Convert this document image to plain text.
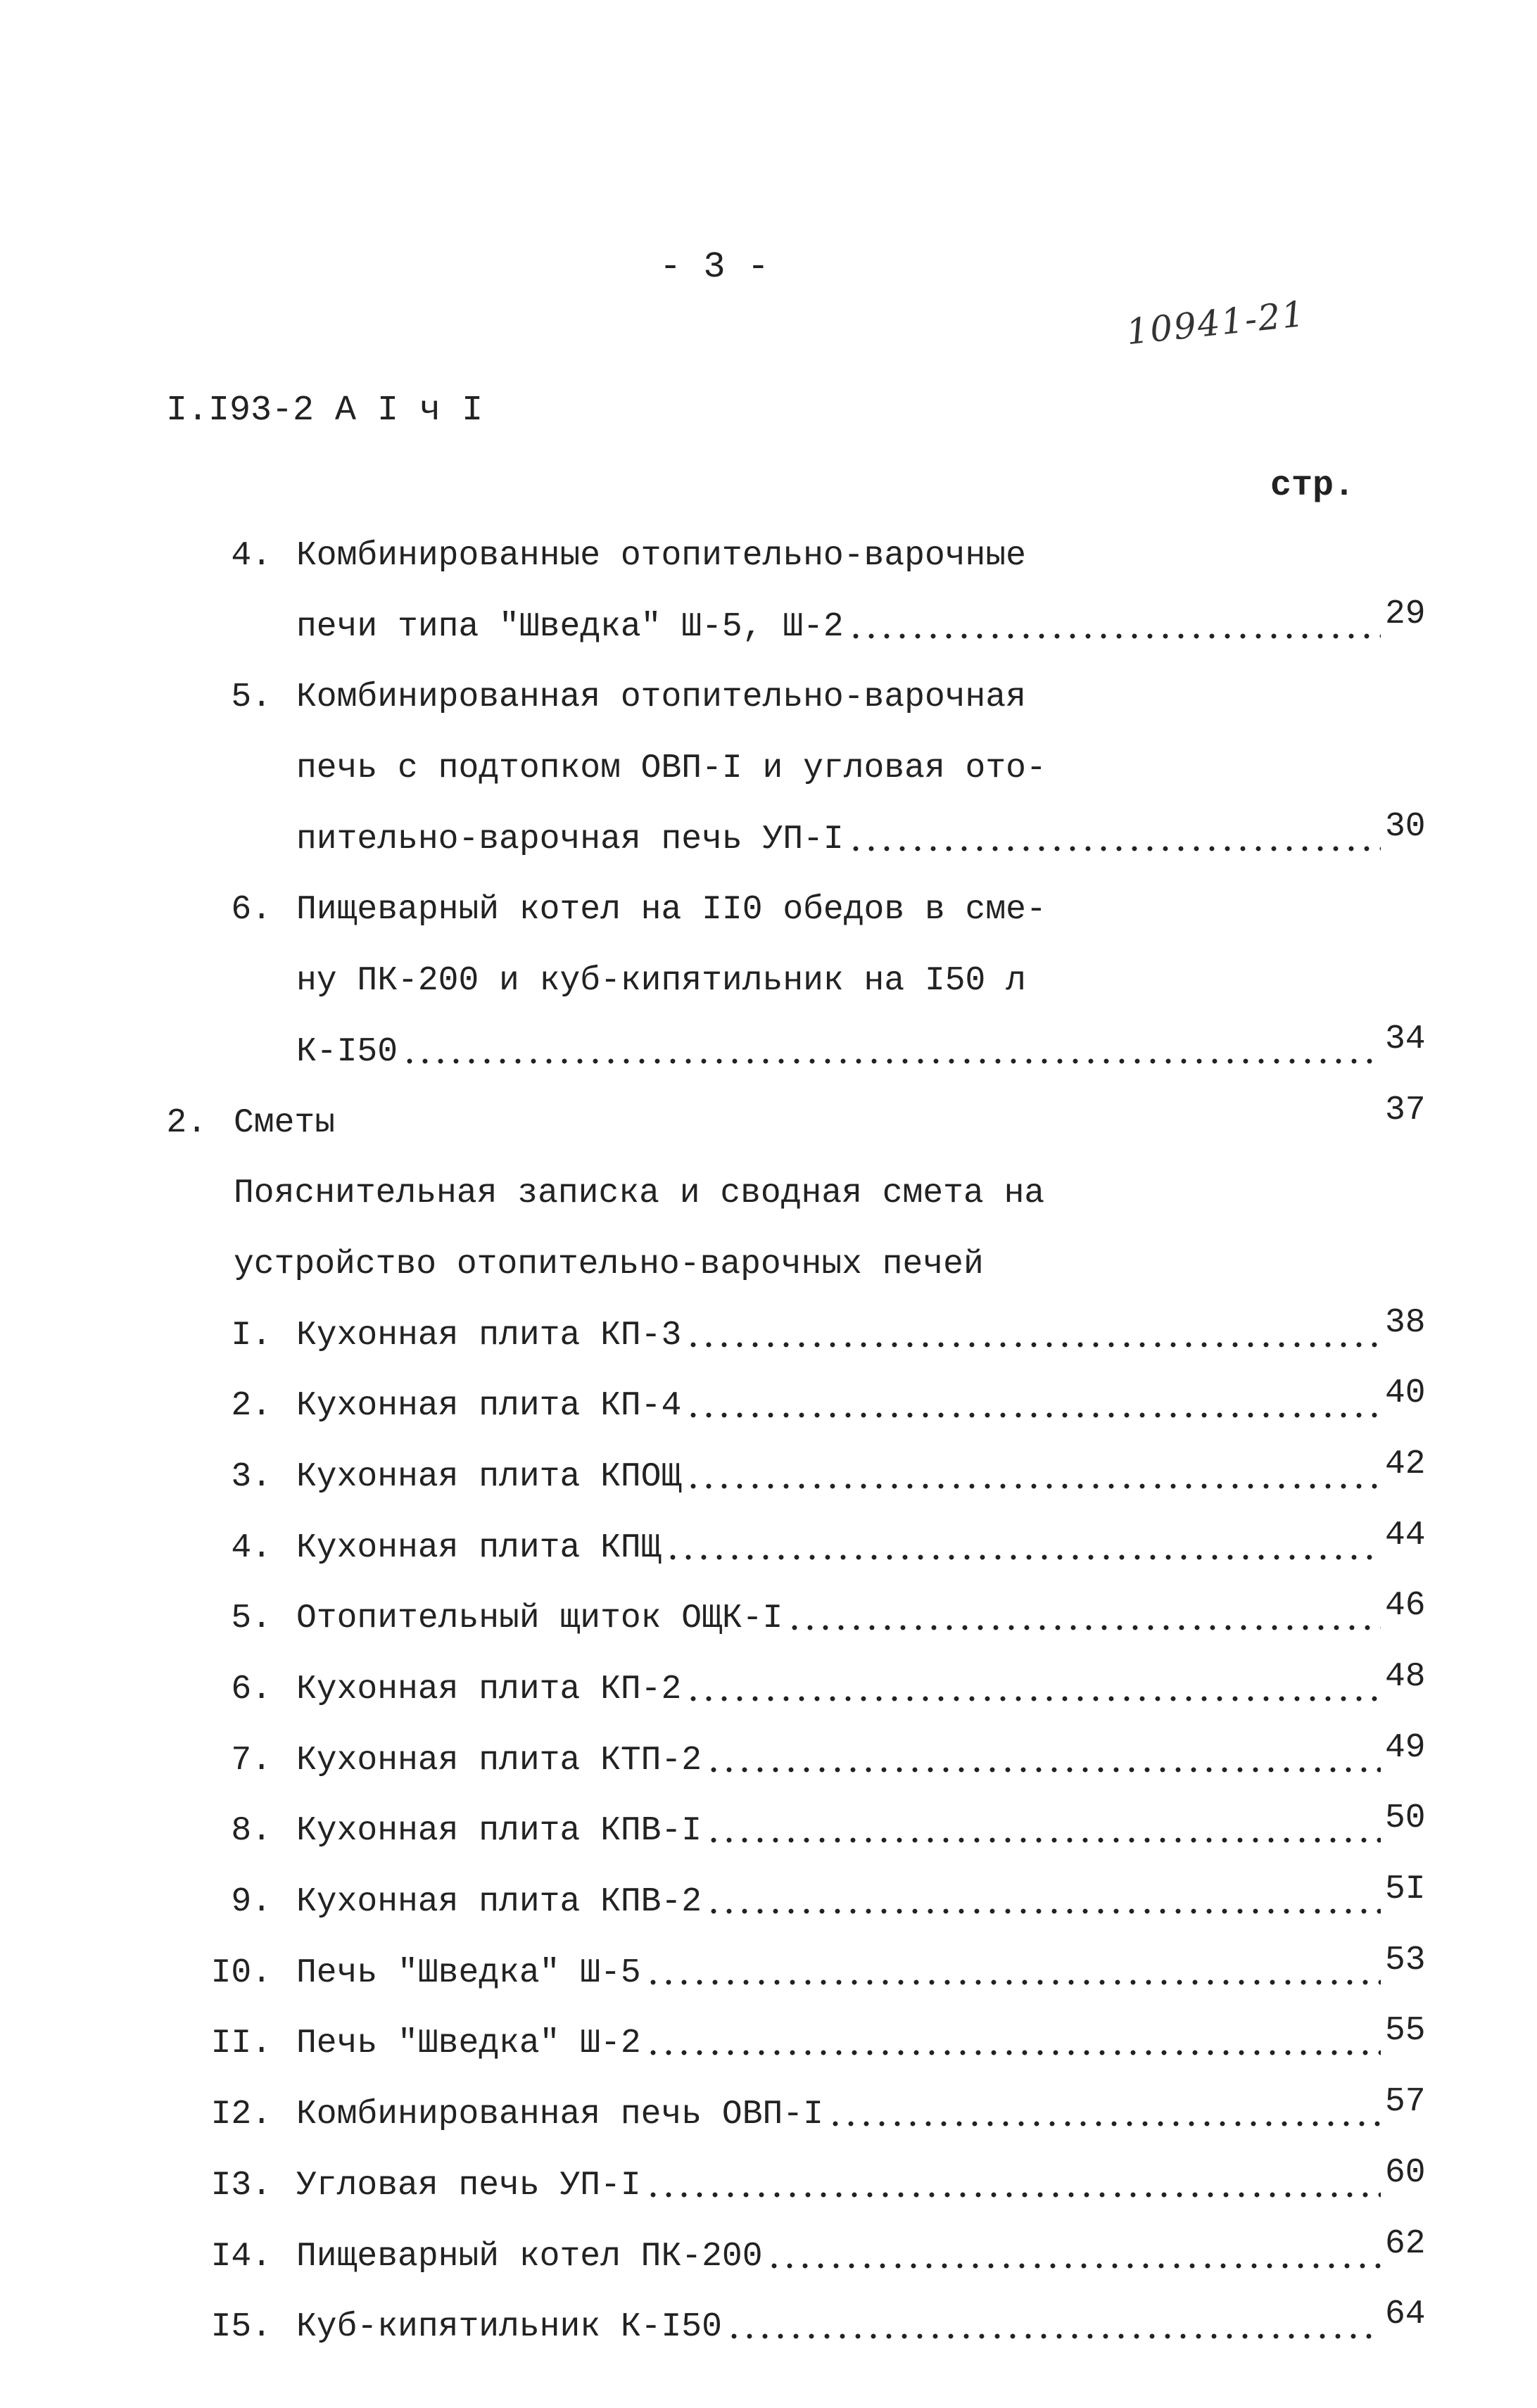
- 3 -
10941-21
I.I93-2 А I ч I
стр.
4. Комбинированные отопительно-варочные
печи типа "Шведка" Ш-5, Ш-2	29
5. Комбинированная отопительно-варочная
печь с подтопком ОВП-I и угловая ото-
пительно-варочная печь УП-I	30
6. Пищеварный котел на II0 обедов в сме-
ну ПК-200 и куб-кипятильник на I50 л
К-I50	34
2. Сметы	37
Пояснительная записка и сводная смета на
устройство отопительно-варочных печей
I. Кухонная плита КП-3	38
2. Кухонная плита КП-4	40
3. Кухонная плита КПОЩ	42
4. Кухонная плита КПЩ	44
5. Отопительный щиток ОЩК-I	46
6. Кухонная плита КП-2	48
7. Кухонная плита КТП-2	49
8. Кухонная плита КПВ-I	50
9. Кухонная плита КПВ-2	5I
I0. Печь "Шведка" Ш-5	53
II. Печь "Шведка" Ш-2	55
I2. Комбинированная печь ОВП-I	57
I3. Угловая печь УП-I	60
I4. Пищеварный котел ПК-200	62
I5. Куб-кипятильник К-I50	64
